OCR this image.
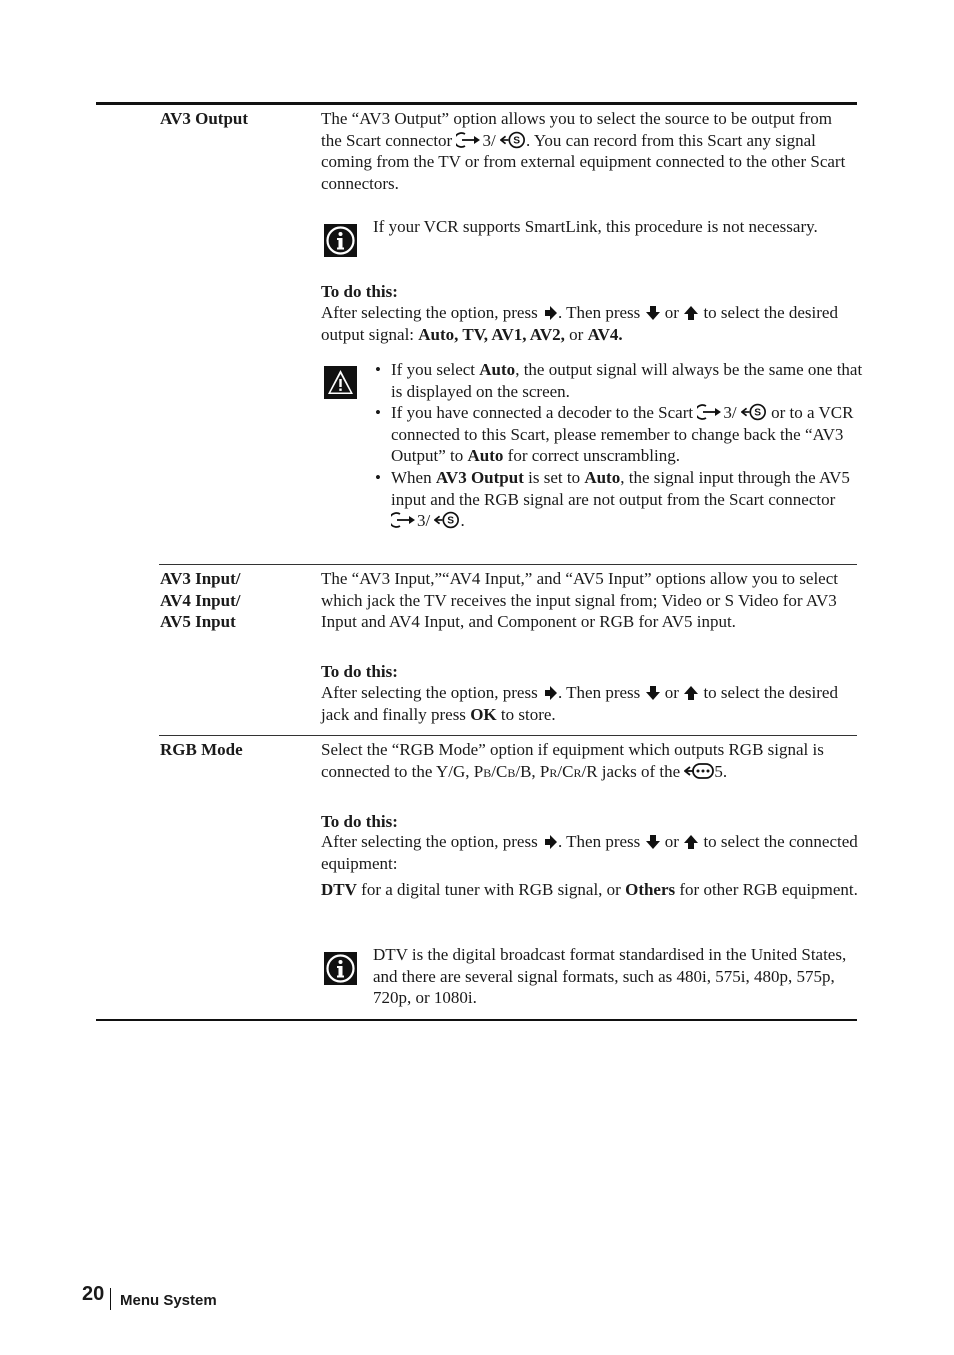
AV3 Output	The “AV3 Output” option allows you to select the source to be output from the Scart connector 3/ . You can record from this Scart any signal coming from the TV or from external equipment connected to the other Scart connectors.
If your VCR supports SmartLink, this procedure is not necessary.
To do this:
After selecting the option, press . Then press  or  to select the desired output signal: Auto, TV, AV1, AV2, or AV4.
• If you select Auto, the output signal will always be the same one that is displayed on the screen.
• If you have connected a decoder to the Scart 3/  or to a VCR connected to this Scart, please remember to change back the “AV3 Output” to Auto for correct unscrambling.
• When AV3 Output is set to Auto, the signal input through the AV5 input and the RGB signal are not output from the Scart connector 3/ .
AV3 Input/
AV4 Input/
AV5 Input
The “AV3 Input,”“AV4 Input,” and “AV5 Input” options allow you to select which jack the TV receives the input signal from; Video or S Video for AV3 Input and AV4 Input, and Component or RGB for AV5 input.
To do this:
After selecting the option, press . Then press  or  to select the desired jack and finally press OK to store.
RGB Mode	Select the “RGB Mode” option if equipment which outputs RGB signal is connected to the Y/G, PB/CB/B, PR/CR/R jacks of the 5.
To do this:
After selecting the option, press . Then press  or  to select the connected equipment:
DTV for a digital tuner with RGB signal, or Others for other RGB equipment.
DTV is the digital broadcast format standardised in the United States, and there are several signal formats, such as 480i, 575i, 480p, 575p, 720p, or 1080i.
20 Menu System
